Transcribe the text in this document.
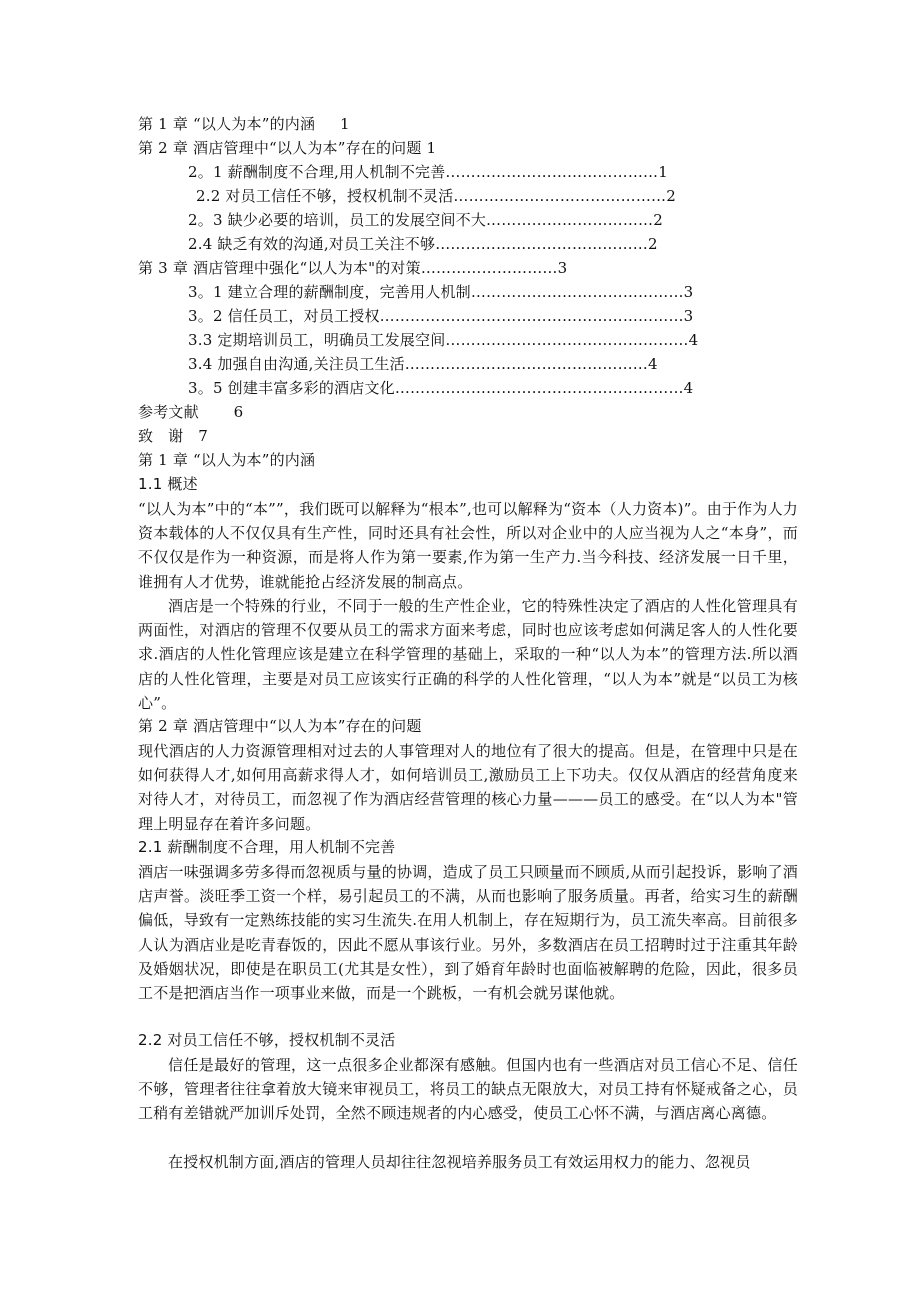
第 1 章 “以人为本”的内涵     1
第 2 章 酒店管理中“以人为本”存在的问题 1
2。1 薪酬制度不合理,用人机制不完善……………………………………1
2.2 对员工信任不够，授权机制不灵活……………………………………2
2。3 缺少必要的培训，员工的发展空间不大……………………………2
2.4 缺乏有效的沟通,对员工关注不够……………………………………2
第 3 章 酒店管理中强化“以人为本"的对策………………………3
3。1 建立合理的薪酬制度，完善用人机制……………………………………3
3。2 信任员工，对员工授权……………………………………………………3
3.3 定期培训员工，明确员工发展空间…………………………………………4
3.4 加强自由沟通,关注员工生活…………………………………………4
3。5 创建丰富多彩的酒店文化…………………………………………………4
参考文献       6
致   谢   7
第 1 章 “以人为本”的内涵
1.1 概述
“以人为本”中的“本””，我们既可以解释为“根本”,也可以解释为“资本（人力资本)”。由于作为人力资本载体的人不仅仅具有生产性，同时还具有社会性，所以对企业中的人应当视为人之“本身”，而不仅仅是作为一种资源，而是将人作为第一要素,作为第一生产力.当今科技、经济发展一日千里，谁拥有人才优势，谁就能抢占经济发展的制高点。
酒店是一个特殊的行业，不同于一般的生产性企业，它的特殊性决定了酒店的人性化管理具有两面性，对酒店的管理不仅要从员工的需求方面来考虑，同时也应该考虑如何满足客人的人性化要求.酒店的人性化管理应该是建立在科学管理的基础上，采取的一种“以人为本”的管理方法.所以酒店的人性化管理，主要是对员工应该实行正确的科学的人性化管理，“以人为本”就是“以员工为核心”。
第 2 章 酒店管理中“以人为本”存在的问题
现代酒店的人力资源管理相对过去的人事管理对人的地位有了很大的提高。但是，在管理中只是在如何获得人才,如何用高薪求得人才，如何培训员工,激励员工上下功夫。仅仅从酒店的经营角度来对待人才，对待员工，而忽视了作为酒店经营管理的核心力量———员工的感受。在“以人为本"管理上明显存在着许多问题。
2.1 薪酬制度不合理，用人机制不完善
酒店一味强调多劳多得而忽视质与量的协调，造成了员工只顾量而不顾质,从而引起投诉，影响了酒店声誉。淡旺季工资一个样，易引起员工的不满，从而也影响了服务质量。再者，给实习生的薪酬偏低，导致有一定熟练技能的实习生流失.在用人机制上，存在短期行为，员工流失率高。目前很多人认为酒店业是吃青春饭的，因此不愿从事该行业。另外，多数酒店在员工招聘时过于注重其年龄及婚姻状况，即使是在职员工(尤其是女性），到了婚育年龄时也面临被解聘的危险，因此，很多员工不是把酒店当作一项事业来做，而是一个跳板，一有机会就另谋他就。
2.2 对员工信任不够，授权机制不灵活
信任是最好的管理，这一点很多企业都深有感触。但国内也有一些酒店对员工信心不足、信任不够，管理者往往拿着放大镜来审视员工，将员工的缺点无限放大，对员工持有怀疑戒备之心，员工稍有差错就严加训斥处罚，全然不顾违规者的内心感受，使员工心怀不满，与酒店离心离德。
在授权机制方面,酒店的管理人员却往往忽视培养服务员工有效运用权力的能力、忽视员
